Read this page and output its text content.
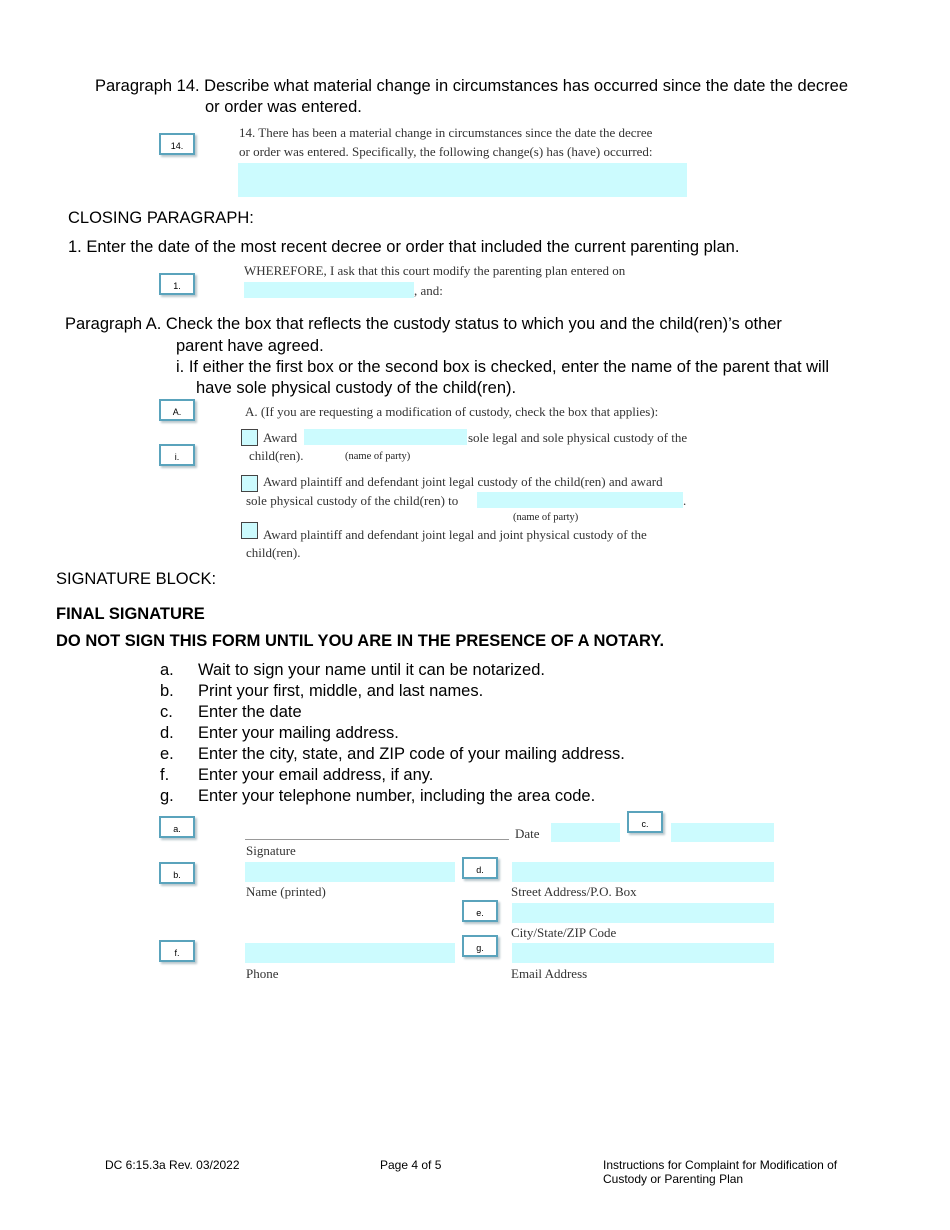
Paragraph 14. Describe what material change in circumstances has occurred since the date the decree
or order was entered.
14.
14. There has been a material change in circumstances since the date the decree
or order was entered. Specifically, the following change(s) has (have) occurred:
CLOSING PARAGRAPH:
1. Enter the date of the most recent decree or order that included the current parenting plan.
1.
WHEREFORE, I ask that this court modify the parenting plan entered on
, and:
Paragraph A. Check the box that reflects the custody status to which you and the child(ren)’s other
parent have agreed.
i. If either the first box or the second box is checked, enter the name of the parent that will
have sole physical custody of the child(ren).
A.
i.
A. (If you are requesting a modification of custody, check the box that applies):
Award	sole legal and sole physical custody of the
child(ren).	(name of party)
Award plaintiff and defendant joint legal custody of the child(ren) and award
sole physical custody of the child(ren) to	.
(name of party)
Award plaintiff and defendant joint legal and joint physical custody of the
child(ren).
SIGNATURE BLOCK:
FINAL SIGNATURE
DO NOT SIGN THIS FORM UNTIL YOU ARE IN THE PRESENCE OF A NOTARY.
a. Wait to sign your name until it can be notarized.
b. Print your first, middle, and last names.
c. Enter the date
d. Enter your mailing address.
e. Enter the city, state, and ZIP code of your mailing address.
f. Enter your email address, if any.
g. Enter your telephone number, including the area code.
a.
b.
c.
d.
e.
f.	g.
Signature
Date
Name (printed)	Street Address/P.O. Box
City/State/ZIP Code
Phone	Email Address
DC 6:15.3a Rev. 03/2022	Page 4 of 5	Instructions for Complaint for Modification of
Custody or Parenting Plan
